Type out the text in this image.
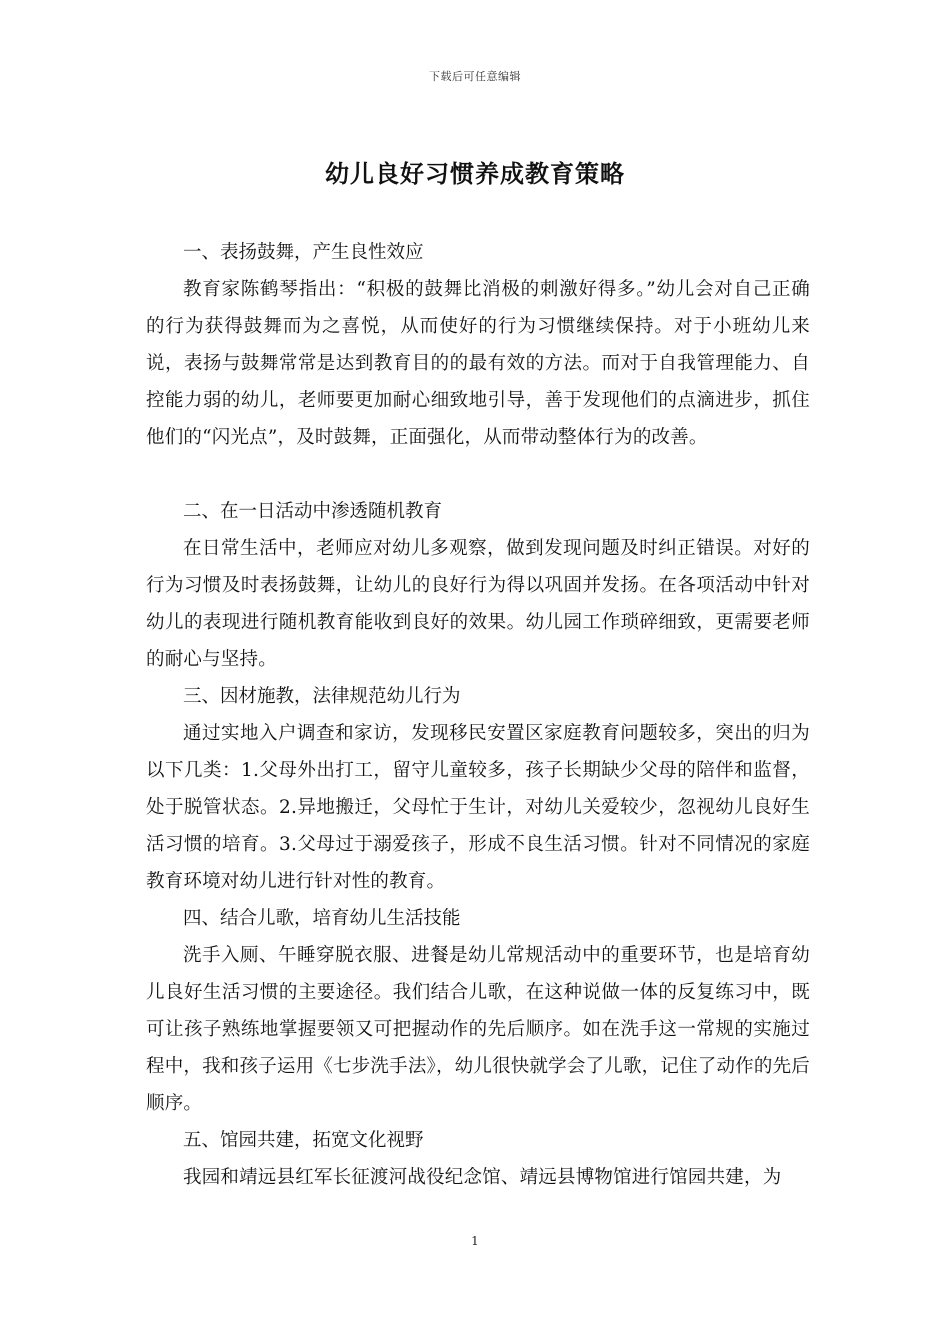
下载后可任意编辑
幼儿良好习惯养成教育策略

一、表扬鼓舞，产生良性效应

教育家陈鹤琴指出：“积极的鼓舞比消极的刺激好得多。”幼儿会对自己正确的行为获得鼓舞而为之喜悦，从而使好的行为习惯继续保持。对于小班幼儿来说，表扬与鼓舞常常是达到教育目的的最有效的方法。而对于自我管理能力、自控能力弱的幼儿，老师要更加耐心细致地引导，善于发现他们的点滴进步，抓住他们的“闪光点”，及时鼓舞，正面强化，从而带动整体行为的改善。

二、在一日活动中渗透随机教育

在日常生活中，老师应对幼儿多观察，做到发现问题及时纠正错误。对好的行为习惯及时表扬鼓舞，让幼儿的良好行为得以巩固并发扬。在各项活动中针对幼儿的表现进行随机教育能收到良好的效果。幼儿园工作琐碎细致，更需要老师的耐心与坚持。

三、因材施教，法律规范幼儿行为

通过实地入户调查和家访，发现移民安置区家庭教育问题较多，突出的归为以下几类：1.父母外出打工，留守儿童较多，孩子长期缺少父母的陪伴和监督，处于脱管状态。2.异地搬迁，父母忙于生计，对幼儿关爱较少，忽视幼儿良好生活习惯的培育。3.父母过于溺爱孩子，形成不良生活习惯。针对不同情况的家庭教育环境对幼儿进行针对性的教育。

四、结合儿歌，培育幼儿生活技能

洗手入厕、午睡穿脱衣服、进餐是幼儿常规活动中的重要环节，也是培育幼儿良好生活习惯的主要途径。我们结合儿歌，在这种说做一体的反复练习中，既可让孩子熟练地掌握要领又可把握动作的先后顺序。如在洗手这一常规的实施过程中，我和孩子运用《七步洗手法》，幼儿很快就学会了儿歌，记住了动作的先后顺序。

五、馆园共建，拓宽文化视野

我园和靖远县红军长征渡河战役纪念馆、靖远县博物馆进行馆园共建，为

1
